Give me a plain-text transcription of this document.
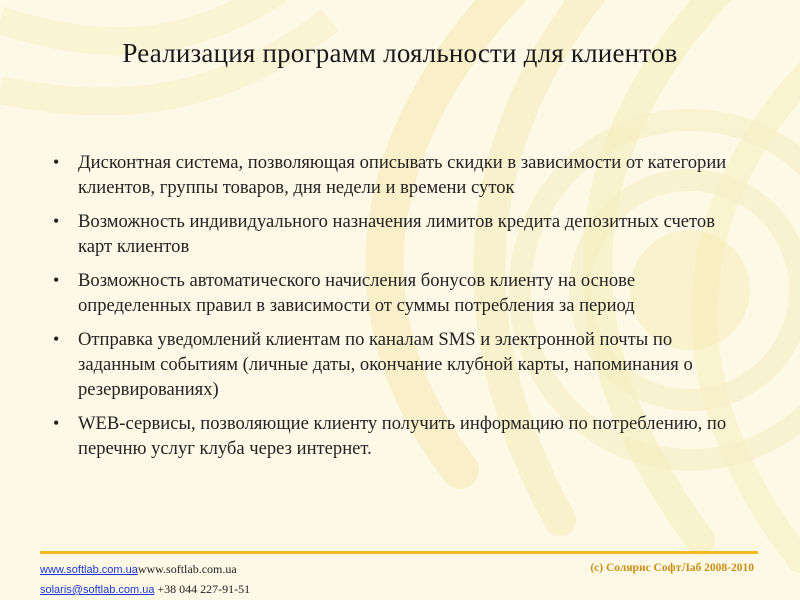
Реализация программ лояльности для клиентов
• Дисконтная система, позволяющая описывать скидки в зависимости от категории клиентов, группы товаров, дня недели и времени суток
• Возможность индивидуального назначения лимитов кредита депозитных счетов карт клиентов
• Возможность автоматического начисления бонусов клиенту на основе определенных правил в зависимости от суммы потребления за период
• Отправка уведомлений клиентам по каналам SMS и электронной почты по заданным событиям (личные даты, окончание клубной карты, напоминания о резервированиях)
• WEB-сервисы, позволяющие клиенту получить информацию по потреблению, по перечню услуг клуба через интернет.
www.softlab.com.uawww.softlab.com.ua
solaris@softlab.com.ua +38 044 227-91-51
(c) Солярис СофтЛаб 2008-2010
